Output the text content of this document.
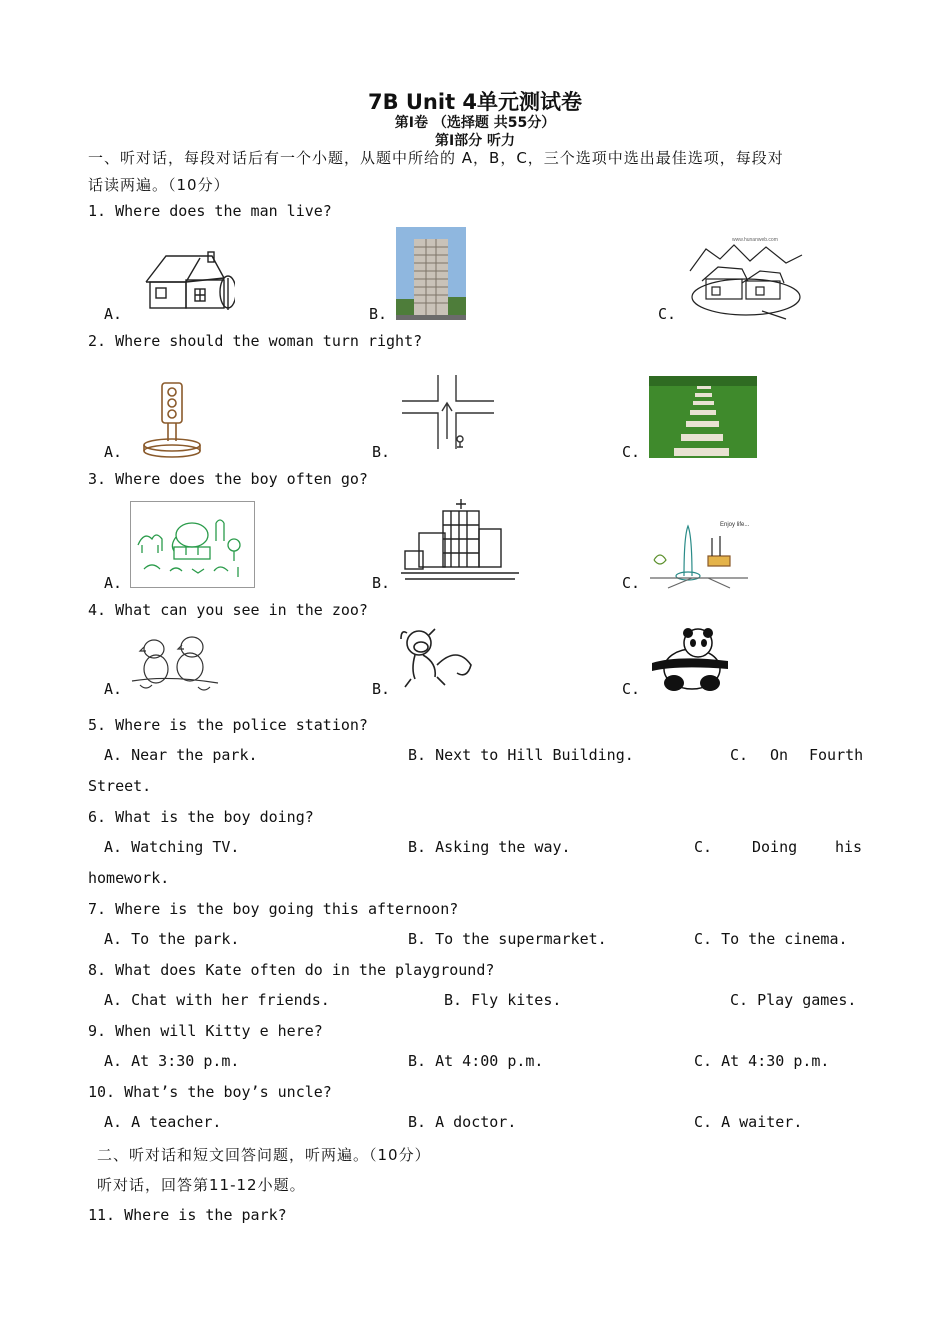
7B Unit 4单元测试卷
第Ⅰ卷 （选择题 共55分）
第Ⅰ部分 听力
一、听对话，每段对话后有一个小题，从题中所给的 A，B，C，三个选项中选出最佳选项，每段对
话读两遍。（10分）
1. Where does the man live?
A.	B.	C.
www.hunanweb.com
2. Where should the woman turn right?
A.	B.	C.
3. Where does the boy often go?
A.	B.	C.
Enjoy life...
4. What can you see in the zoo?
A.	B.	C.
5. Where is the police station?
A. Near the park.	B. Next to Hill Building.	C. On Fourth
Street.
6. What is the boy doing?
A. Watching TV.	B. Asking the way.	C.	Doing	his
homework.
7. Where is the boy going this afternoon?
A. To the park.	B. To the supermarket.	C. To the cinema.
8. What does Kate often do in the playground?
A. Chat with her friends.	B. Fly kites.	C. Play games.
9. When will Kitty e here?
A. At 3:30 p.m.	B. At 4:00 p.m.	C. At 4:30 p.m.
10. What’s the boy’s uncle?
A. A teacher.	B. A doctor.	C. A waiter.
二、听对话和短文回答问题，听两遍。（10分）
听对话，回答第11-12小题。
11. Where is the park?
